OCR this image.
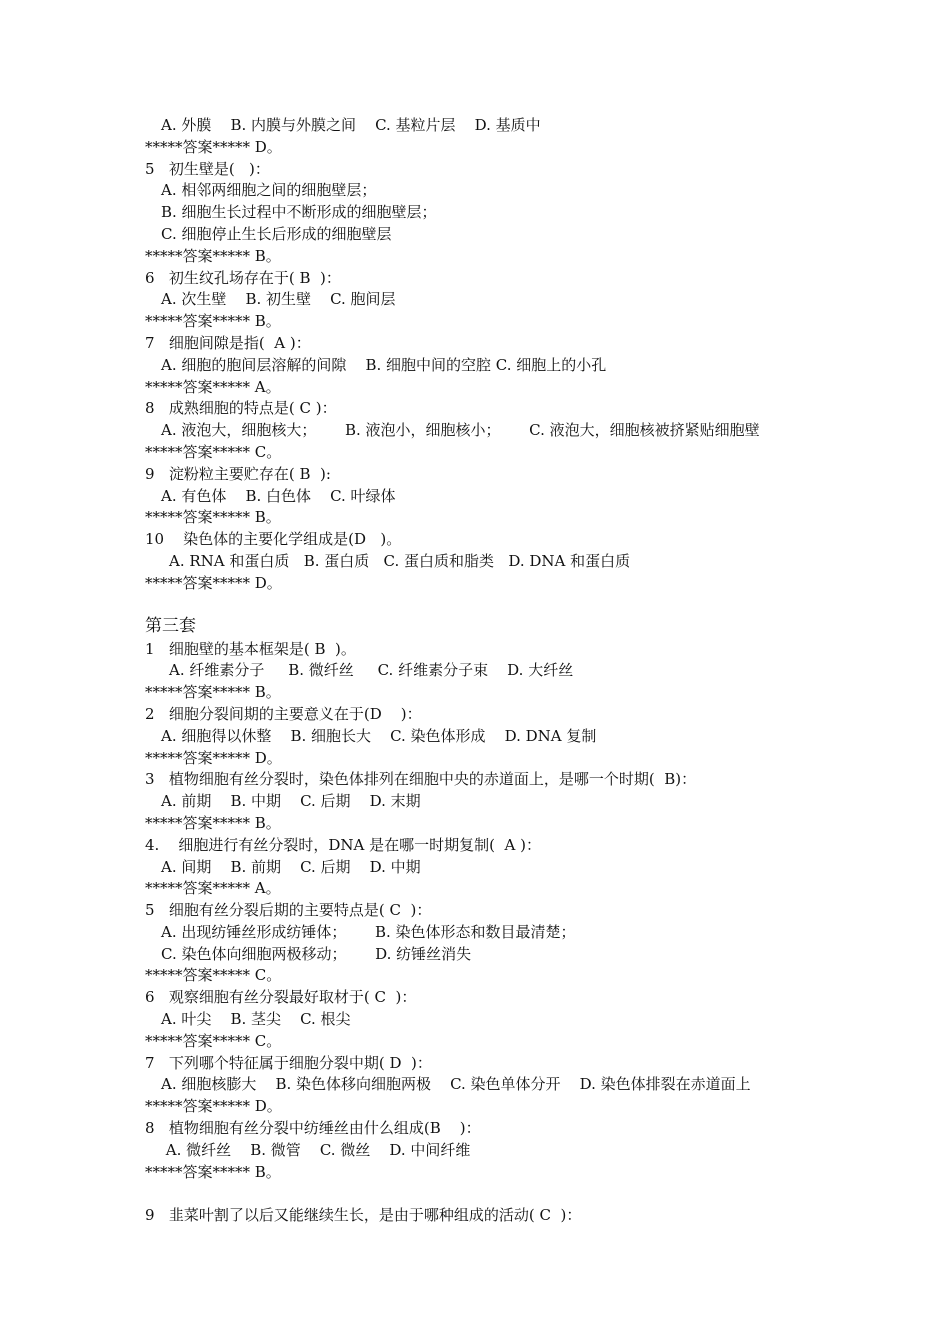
A. 外膜    B. 内膜与外膜之间    C. 基粒片层    D. 基质中
*****答案***** D。
5   初生壁是(   )：
A. 相邻两细胞之间的细胞壁层；
B. 细胞生长过程中不断形成的细胞壁层；
C. 细胞停止生长后形成的细胞壁层
*****答案***** B。
6   初生纹孔场存在于( B  )：
A. 次生壁    B. 初生壁    C. 胞间层
*****答案***** B。
7   细胞间隙是指(  A )：
A. 细胞的胞间层溶解的间隙    B. 细胞中间的空腔 C. 细胞上的小孔
*****答案***** A。
8   成熟细胞的特点是( C )：
A. 液泡大，细胞核大；      B. 液泡小，细胞核小；      C. 液泡大，细胞核被挤紧贴细胞壁
*****答案***** C。
9   淀粉粒主要贮存在( B  ):
A. 有色体    B. 白色体    C. 叶绿体
*****答案***** B。
10    染色体的主要化学组成是(D   )。
A. RNA 和蛋白质   B. 蛋白质   C. 蛋白质和脂类   D. DNA 和蛋白质
*****答案***** D。
第三套
1   细胞壁的基本框架是( B  )。
A. 纤维素分子     B. 微纤丝     C. 纤维素分子束    D. 大纤丝
*****答案***** B。
2   细胞分裂间期的主要意义在于(D    )：
A. 细胞得以休整    B. 细胞长大    C. 染色体形成    D. DNA 复制
*****答案***** D。
3   植物细胞有丝分裂时，染色体排列在细胞中央的赤道面上，是哪一个时期(  B)：
A. 前期    B. 中期    C. 后期    D. 末期
*****答案***** B。
4.    细胞进行有丝分裂时，DNA 是在哪一时期复制(  A )：
A. 间期    B. 前期    C. 后期    D. 中期
*****答案***** A。
5   细胞有丝分裂后期的主要特点是( C  )：
A. 出现纺锤丝形成纺锤体；      B. 染色体形态和数目最清楚；
C. 染色体向细胞两极移动；      D. 纺锤丝消失
*****答案***** C。
6   观察细胞有丝分裂最好取材于( C  )：
A. 叶尖    B. 茎尖    C. 根尖
*****答案***** C。
7   下列哪个特征属于细胞分裂中期( D  )：
A. 细胞核膨大    B. 染色体移向细胞两极    C. 染色单体分开    D. 染色体排裂在赤道面上
*****答案***** D。
8   植物细胞有丝分裂中纺缍丝由什么组成(B    )：
A. 微纤丝    B. 微管    C. 微丝    D. 中间纤维
*****答案***** B。
9   韭菜叶割了以后又能继续生长，是由于哪种组成的活动( C  )：
